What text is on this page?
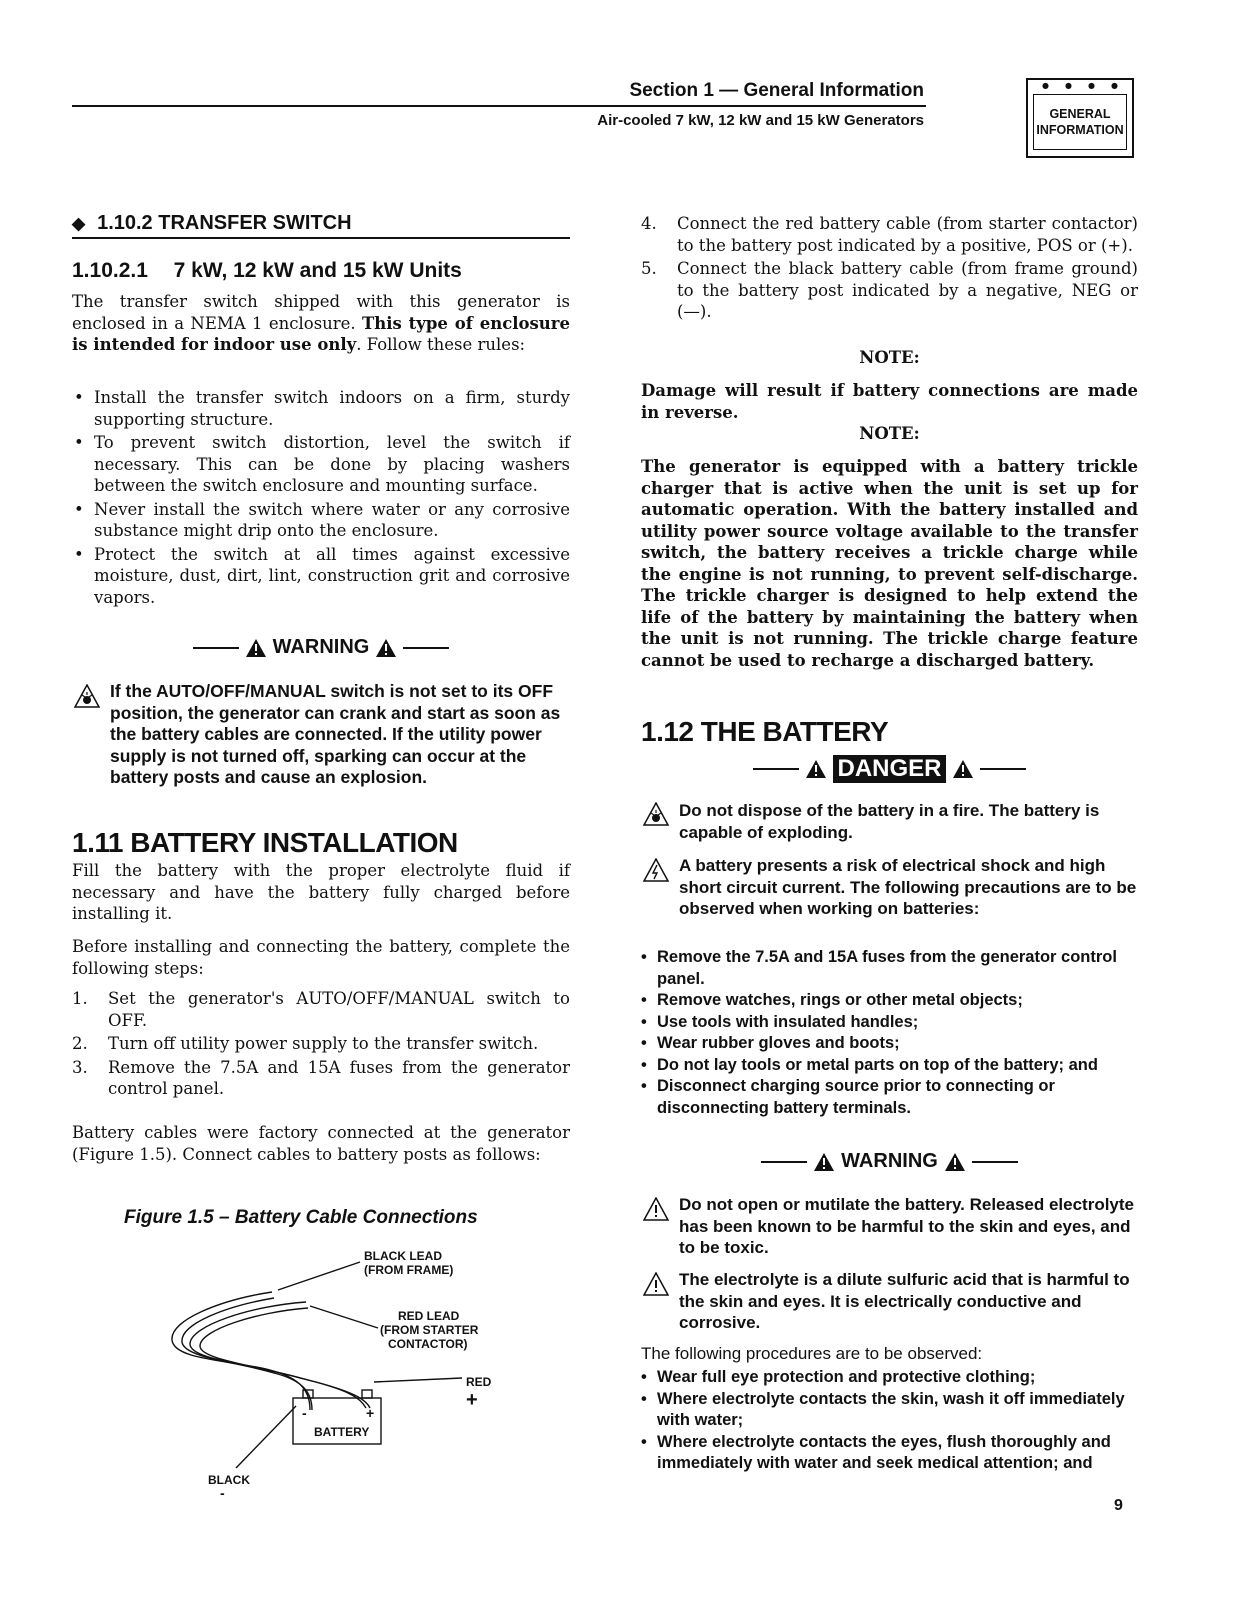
Section 1 — General Information
Air-cooled 7 kW, 12 kW and 15 kW Generators
● ● ● ●
GENERAL
INFORMATION
◆ 1.10.2 TRANSFER SWITCH
1.10.2.1 7 kW, 12 kW and 15 kW Units

The transfer switch shipped with this generator is enclosed in a NEMA 1 enclosure. This type of enclosure is intended for indoor use only. Follow these rules:

• Install the transfer switch indoors on a firm, sturdy supporting structure.
• To prevent switch distortion, level the switch if necessary. This can be done by placing washers between the switch enclosure and mounting surface.
• Never install the switch where water or any corrosive substance might drip onto the enclosure.
• Protect the switch at all times against excessive moisture, dust, dirt, lint, construction grit and corrosive vapors.
WARNING
If the AUTO/OFF/MANUAL switch is not set to its OFF position, the generator can crank and start as soon as the battery cables are connected. If the utility power supply is not turned off, sparking can occur at the battery posts and cause an explosion.
1.11 BATTERY INSTALLATION

Fill the battery with the proper electrolyte fluid if necessary and have the battery fully charged before installing it.

Before installing and connecting the battery, complete the following steps:

1. Set the generator's AUTO/OFF/MANUAL switch to OFF.
2. Turn off utility power supply to the transfer switch.
3. Remove the 7.5A and 15A fuses from the generator control panel.

Battery cables were factory connected at the generator (Figure 1.5). Connect cables to battery posts as follows:

Figure 1.5 – Battery Cable Connections
BLACK LEAD
(FROM FRAME)
RED LEAD
(FROM STARTER
CONTACTOR)
RED
+
-	+
BATTERY
BLACK
-
4. Connect the red battery cable (from starter contactor) to the battery post indicated by a positive, POS or (+).
5. Connect the black battery cable (from frame ground) to the battery post indicated by a negative, NEG or (—).
NOTE:
Damage will result if battery connections are made in reverse.
NOTE:
The generator is equipped with a battery trickle charger that is active when the unit is set up for automatic operation. With the battery installed and utility power source voltage available to the transfer switch, the battery receives a trickle charge while the engine is not running, to prevent self-discharge. The trickle charger is designed to help extend the life of the battery by maintaining the battery when the unit is not running. The trickle charge feature cannot be used to recharge a discharged battery.
1.12 THE BATTERY
DANGER
Do not dispose of the battery in a fire. The battery is capable of exploding.
A battery presents a risk of electrical shock and high short circuit current. The following precautions are to be observed when working on batteries:
• Remove the 7.5A and 15A fuses from the generator control panel.
• Remove watches, rings or other metal objects;
• Use tools with insulated handles;
• Wear rubber gloves and boots;
• Do not lay tools or metal parts on top of the battery; and
• Disconnect charging source prior to connecting or disconnecting battery terminals.
WARNING
Do not open or mutilate the battery. Released electrolyte has been known to be harmful to the skin and eyes, and to be toxic.
The electrolyte is a dilute sulfuric acid that is harmful to the skin and eyes. It is electrically conductive and corrosive.
The following procedures are to be observed:
• Wear full eye protection and protective clothing;
• Where electrolyte contacts the skin, wash it off immediately with water;
• Where electrolyte contacts the eyes, flush thoroughly and immediately with water and seek medical attention; and
9
